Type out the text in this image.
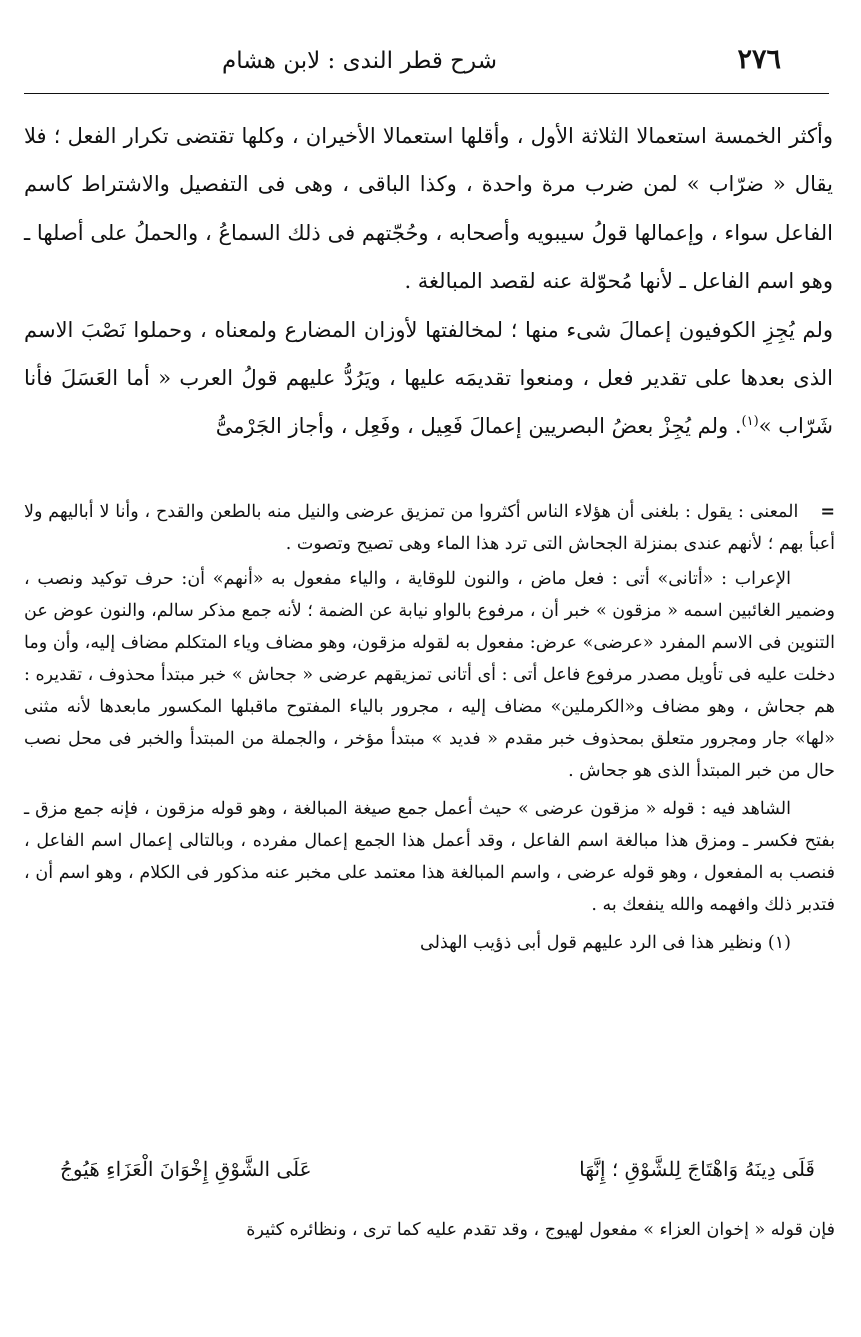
٢٧٦
شرح قطر الندى : لابن هشام

وأكثر الخمسة استعمالا الثلاثة الأول ، وأقلها استعمالا الأخيران ، وكلها تقتضى تكرار الفعل ؛ فلا يقال « ضرّاب » لمن ضرب مرة واحدة ، وكذا الباقى ، وهى فى التفصيل والاشتراط كاسم الفاعل سواء ، وإعمالها قولُ سيبويه وأصحابه ، وحُجّتهم فى ذلك السماعُ ، والحملُ على أصلها ـ وهو اسم الفاعل ـ لأنها مُحوّلة عنه لقصد المبالغة .

ولم يُجِزِ الكوفيون إعمالَ شىء منها ؛ لمخالفتها لأوزان المضارع ولمعناه ، وحملوا نَصْبَ الاسم الذى بعدها على تقدير فعل ، ومنعوا تقديمَه عليها ، ويَرُدُّ عليهم قولُ العرب « أما العَسَلَ فأنا شَرّاب »$^{(١)}$. ولم يُجِزْ بعضُ البصريين إعمالَ فَعِيل ، وفَعِل ، وأجاز الجَرْمىُّ

=المعنى : يقول : بلغنى أن هؤلاء الناس أكثروا من تمزيق عرضى والنيل منه بالطعن والقدح ، وأنا لا أباليهم ولا أعبأ بهم ؛ لأنهم عندى بمنزلة الجحاش التى ترد هذا الماء وهى تصيح وتصوت .

الإعراب : «أتانى» أتى : فعل ماض ، والنون للوقاية ، والياء مفعول به «أنهم» أن: حرف توكيد ونصب ، وضمير الغائبين اسمه « مزقون » خبر أن ، مرفوع بالواو نيابة عن الضمة ؛ لأنه جمع مذكر سالم، والنون عوض عن التنوين فى الاسم المفرد «عرضى» عرض: مفعول به لقوله مزقون، وهو مضاف وياء المتكلم مضاف إليه، وأن وما دخلت عليه فى تأويل مصدر مرفوع فاعل أتى : أى أتانى تمزيقهم عرضى « جحاش » خبر مبتدأ محذوف ، تقديره : هم جحاش ، وهو مضاف و«الكرملين» مضاف إليه ، مجرور بالياء المفتوح ماقبلها المكسور مابعدها لأنه مثنى «لها» جار ومجرور متعلق بمحذوف خبر مقدم « فديد » مبتدأ مؤخر ، والجملة من المبتدأ والخبر فى محل نصب حال من خبر المبتدأ الذى هو جحاش .

الشاهد فيه : قوله « مزقون عرضى » حيث أعمل جمع صيغة المبالغة ، وهو قوله مزقون ، فإنه جمع مزق ـ بفتح فكسر ـ ومزق هذا مبالغة اسم الفاعل ، وقد أعمل هذا الجمع إعمال مفرده ، وبالتالى إعمال اسم الفاعل ، فنصب به المفعول ، وهو قوله عرضى ، واسم المبالغة هذا معتمد على مخبر عنه مذكور فى الكلام ، وهو اسم أن ، فتدبر ذلك وافهمه والله ينفعك به .

(١) ونظير هذا فى الرد عليهم قول أبى ذؤيب الهذلى

قَلَى دِينَهُ وَاهْتَاجَ لِلشَّوْقِ ؛ إِنَّهَا
عَلَى الشَّوْقِ إِخْوَانَ الْعَزَاءِ هَيُوجُ
فإن قوله « إخوان العزاء » مفعول لهيوج ، وقد تقدم عليه كما ترى ، ونظائره كثيرة
